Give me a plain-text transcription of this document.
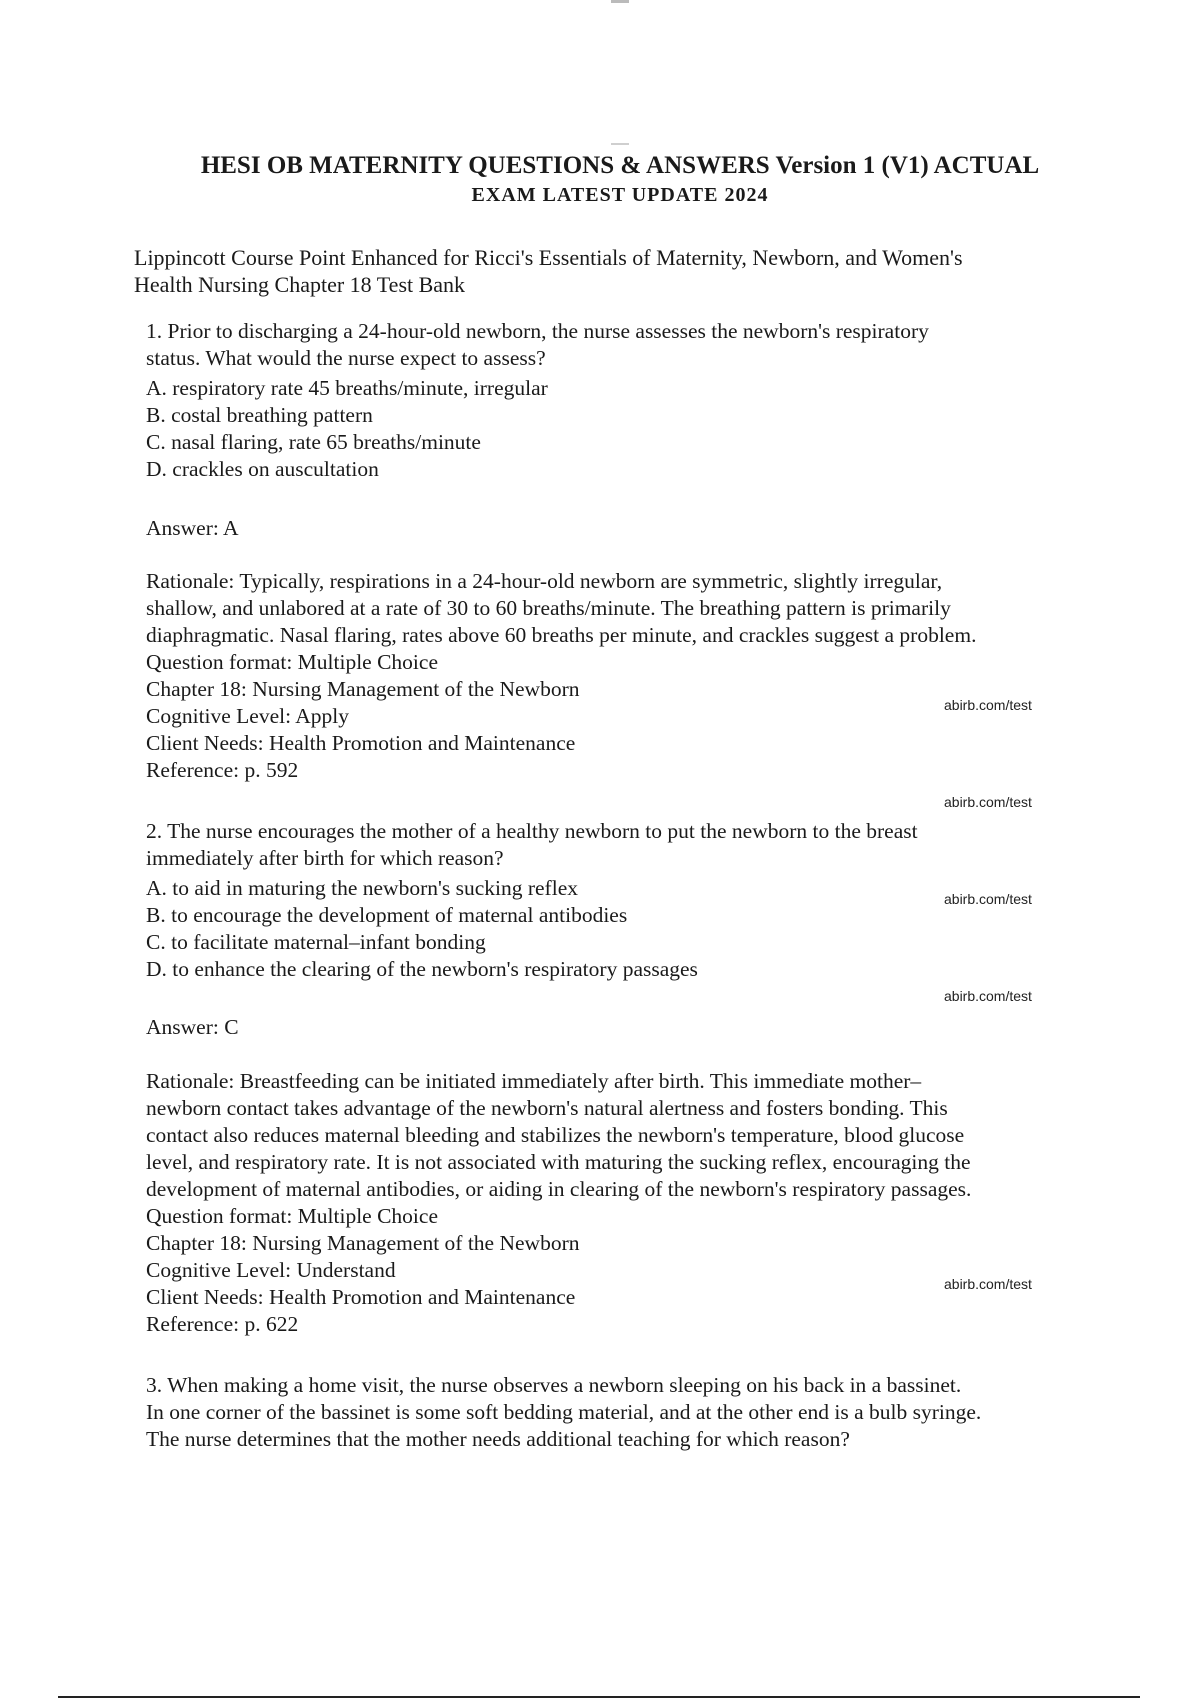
HESI OB MATERNITY QUESTIONS & ANSWERS Version 1 (V1) ACTUAL
EXAM LATEST UPDATE 2024
Lippincott Course Point Enhanced for Ricci's Essentials of Maternity, Newborn, and Women's
Health Nursing Chapter 18 Test Bank
1. Prior to discharging a 24-hour-old newborn, the nurse assesses the newborn's respiratory
status. What would the nurse expect to assess?
A. respiratory rate 45 breaths/minute, irregular
B. costal breathing pattern
C. nasal flaring, rate 65 breaths/minute
D. crackles on auscultation
Answer: A
Rationale: Typically, respirations in a 24-hour-old newborn are symmetric, slightly irregular,
shallow, and unlabored at a rate of 30 to 60 breaths/minute. The breathing pattern is primarily
diaphragmatic. Nasal flaring, rates above 60 breaths per minute, and crackles suggest a problem.
Question format: Multiple Choice
Chapter 18: Nursing Management of the Newborn
Cognitive Level: Apply
Client Needs: Health Promotion and Maintenance
Reference: p. 592
2. The nurse encourages the mother of a healthy newborn to put the newborn to the breast
immediately after birth for which reason?
A. to aid in maturing the newborn's sucking reflex
B. to encourage the development of maternal antibodies
C. to facilitate maternal–infant bonding
D. to enhance the clearing of the newborn's respiratory passages
Answer: C
Rationale: Breastfeeding can be initiated immediately after birth. This immediate mother–
newborn contact takes advantage of the newborn's natural alertness and fosters bonding. This
contact also reduces maternal bleeding and stabilizes the newborn's temperature, blood glucose
level, and respiratory rate. It is not associated with maturing the sucking reflex, encouraging the
development of maternal antibodies, or aiding in clearing of the newborn's respiratory passages.
Question format: Multiple Choice
Chapter 18: Nursing Management of the Newborn
Cognitive Level: Understand
Client Needs: Health Promotion and Maintenance
Reference: p. 622
3. When making a home visit, the nurse observes a newborn sleeping on his back in a bassinet.
In one corner of the bassinet is some soft bedding material, and at the other end is a bulb syringe.
The nurse determines that the mother needs additional teaching for which reason?
abirb.com/test
abirb.com/test
abirb.com/test
abirb.com/test
abirb.com/test
